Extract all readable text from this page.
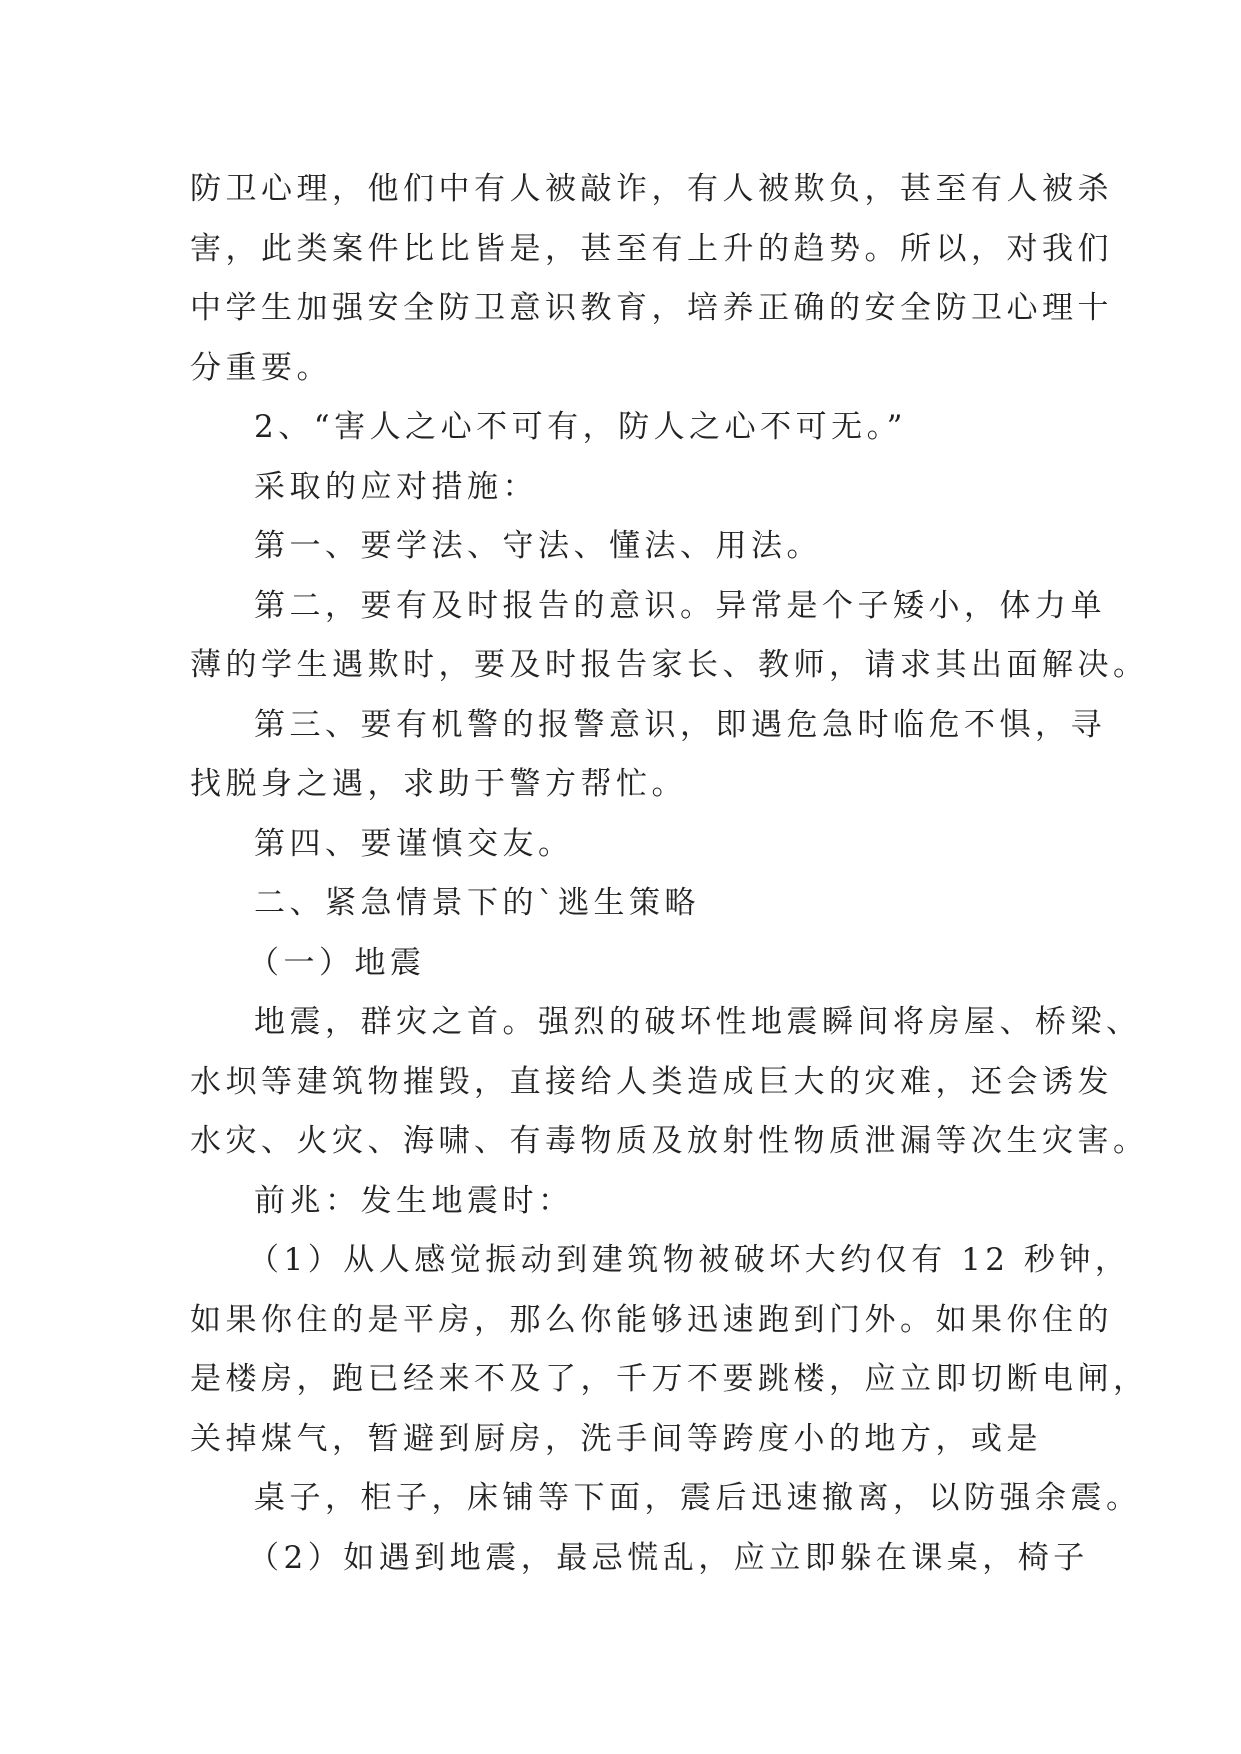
防卫心理，他们中有人被敲诈，有人被欺负，甚至有人被杀
害，此类案件比比皆是，甚至有上升的趋势。所以，对我们
中学生加强安全防卫意识教育，培养正确的安全防卫心理十
分重要。
2、“害人之心不可有，防人之心不可无。”
采取的应对措施：
第一、要学法、守法、懂法、用法。
第二，要有及时报告的意识。异常是个子矮小，体力单
薄的学生遇欺时，要及时报告家长、教师，请求其出面解决。
第三、要有机警的报警意识，即遇危急时临危不惧，寻
找脱身之遇，求助于警方帮忙。
第四、要谨慎交友。
二、紧急情景下的`逃生策略
（一）地震
地震，群灾之首。强烈的破坏性地震瞬间将房屋、桥梁、
水坝等建筑物摧毁，直接给人类造成巨大的灾难，还会诱发
水灾、火灾、海啸、有毒物质及放射性物质泄漏等次生灾害。
前兆：发生地震时：
（1）从人感觉振动到建筑物被破坏大约仅有 12 秒钟，
如果你住的是平房，那么你能够迅速跑到门外。如果你住的
是楼房，跑已经来不及了，千万不要跳楼，应立即切断电闸，
关掉煤气，暂避到厨房，洗手间等跨度小的地方，或是
桌子，柜子，床铺等下面，震后迅速撤离，以防强余震。
（2）如遇到地震，最忌慌乱，应立即躲在课桌，椅子
